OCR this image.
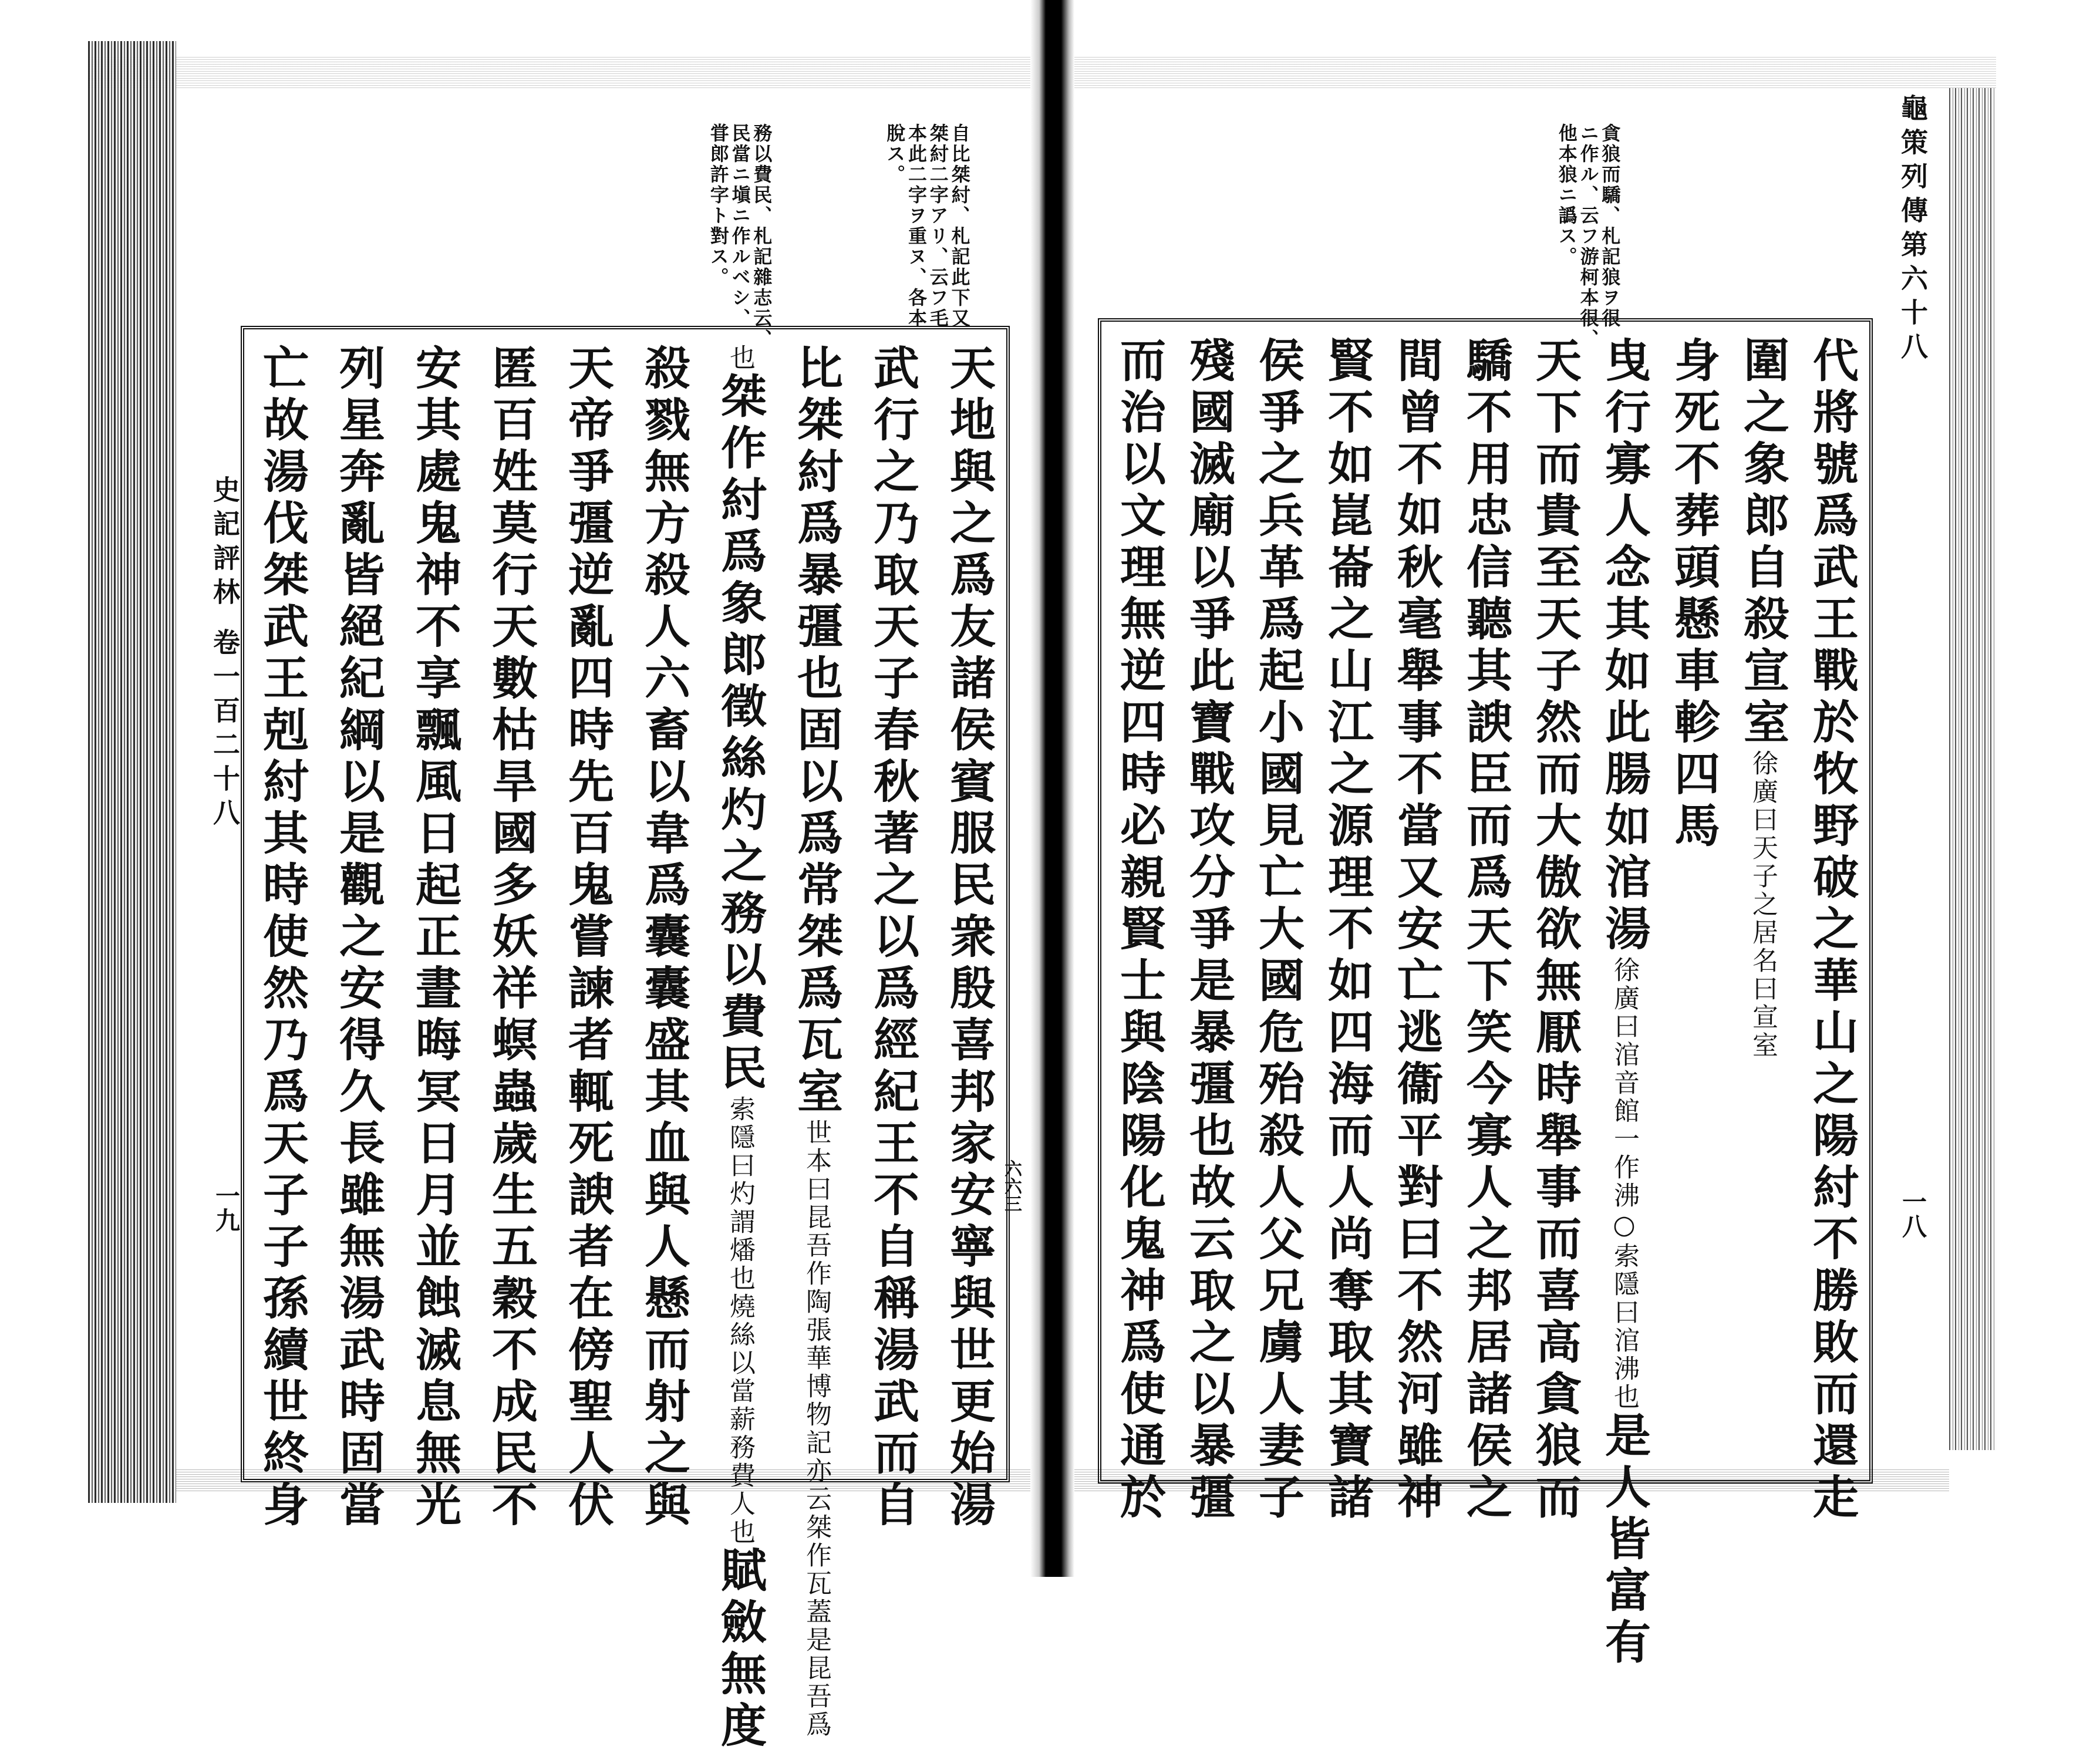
自比桀紂、札記此下又
桀紂二字アリ、云フ毛
本此二字ヲ重ヌ、各本
脫ス。
務以費民、札記雜志云、
民當ニ塡ニ作ルベシ、
甞郎許字ト對ス。
史記評林 卷一百二十八
一九	天地與之爲友諸侯賓服民衆殷喜邦家安寧與世更始湯
武行之乃取天子春秋著之以爲經紀王不自稱湯武而自
比桀紂爲暴彊也固以爲常桀爲瓦室世本曰昆吾作陶張華博物記亦云桀作瓦蓋是昆吾爲
也桀作紂爲象郎徵絲灼之務以費民索隱曰灼謂燔也燒絲以當薪務費人也賦斂無度
殺戮無方殺人六畜以韋爲囊囊盛其血與人懸而射之與
天帝爭彊逆亂四時先百鬼嘗諫者輒死諛者在傍聖人伏
匿百姓莫行天數枯旱國多妖祥螟蟲歲生五穀不成民不
安其處鬼神不享飄風日起正晝晦冥日月並蝕滅息無光
列星奔亂皆絕紀綱以是觀之安得久長雖無湯武時固當
亡故湯伐桀武王剋紂其時使然乃爲天子子孫續世終身	六六三
貪狼而驕、札記狼ヲ很
ニ作ル、云フ游柯本很、
他本狼ニ譌ス。	龜策列傳第六十八
一八
代將號爲武王戰於牧野破之華山之陽紂不勝敗而還走
圍之象郎自殺宣室徐廣曰天子之居名曰宣室
身死不葬頭懸車軫四馬
曳行寡人念其如此腸如涫湯徐廣曰涫音館一作沸○索隱曰涫沸也是人皆富有
天下而貴至天子然而大傲欲無厭時舉事而喜高貪狼而
驕不用忠信聽其諛臣而爲天下笑今寡人之邦居諸侯之
間曾不如秋毫舉事不當又安亡逃衞平對曰不然河雖神
賢不如崑崙之山江之源理不如四海而人尚奪取其寶諸
侯爭之兵革爲起小國見亡大國危殆殺人父兄虜人妻子
殘國滅廟以爭此寶戰攻分爭是暴彊也故云取之以暴彊
而治以文理無逆四時必親賢士與陰陽化鬼神爲使通於
